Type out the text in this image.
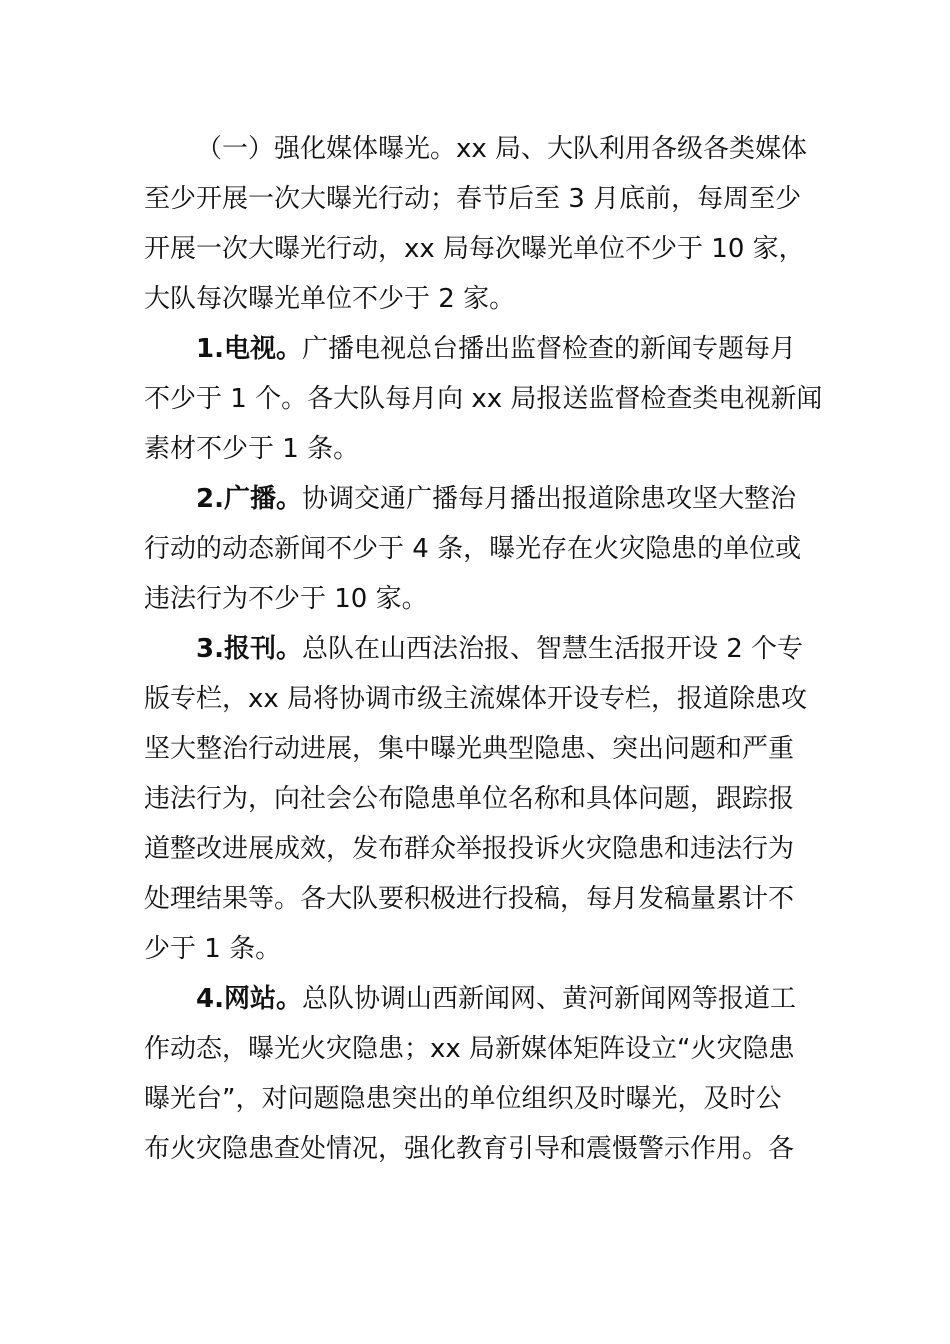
（一）强化媒体曝光。xx 局、大队利用各级各类媒体
至少开展一次大曝光行动；春节后至 3 月底前，每周至少
开展一次大曝光行动，xx 局每次曝光单位不少于 10 家，
大队每次曝光单位不少于 2 家。
1.电视。广播电视总台播出监督检查的新闻专题每月
不少于 1 个。各大队每月向 xx 局报送监督检查类电视新闻
素材不少于 1 条。
2.广播。协调交通广播每月播出报道除患攻坚大整治
行动的动态新闻不少于 4 条，曝光存在火灾隐患的单位或
违法行为不少于 10 家。
3.报刊。总队在山西法治报、智慧生活报开设 2 个专
版专栏，xx 局将协调市级主流媒体开设专栏，报道除患攻
坚大整治行动进展，集中曝光典型隐患、突出问题和严重
违法行为，向社会公布隐患单位名称和具体问题，跟踪报
道整改进展成效，发布群众举报投诉火灾隐患和违法行为
处理结果等。各大队要积极进行投稿，每月发稿量累计不
少于 1 条。
4.网站。总队协调山西新闻网、黄河新闻网等报道工
作动态，曝光火灾隐患；xx 局新媒体矩阵设立“火灾隐患
曝光台”，对问题隐患突出的单位组织及时曝光，及时公
布火灾隐患查处情况，强化教育引导和震慑警示作用。各
